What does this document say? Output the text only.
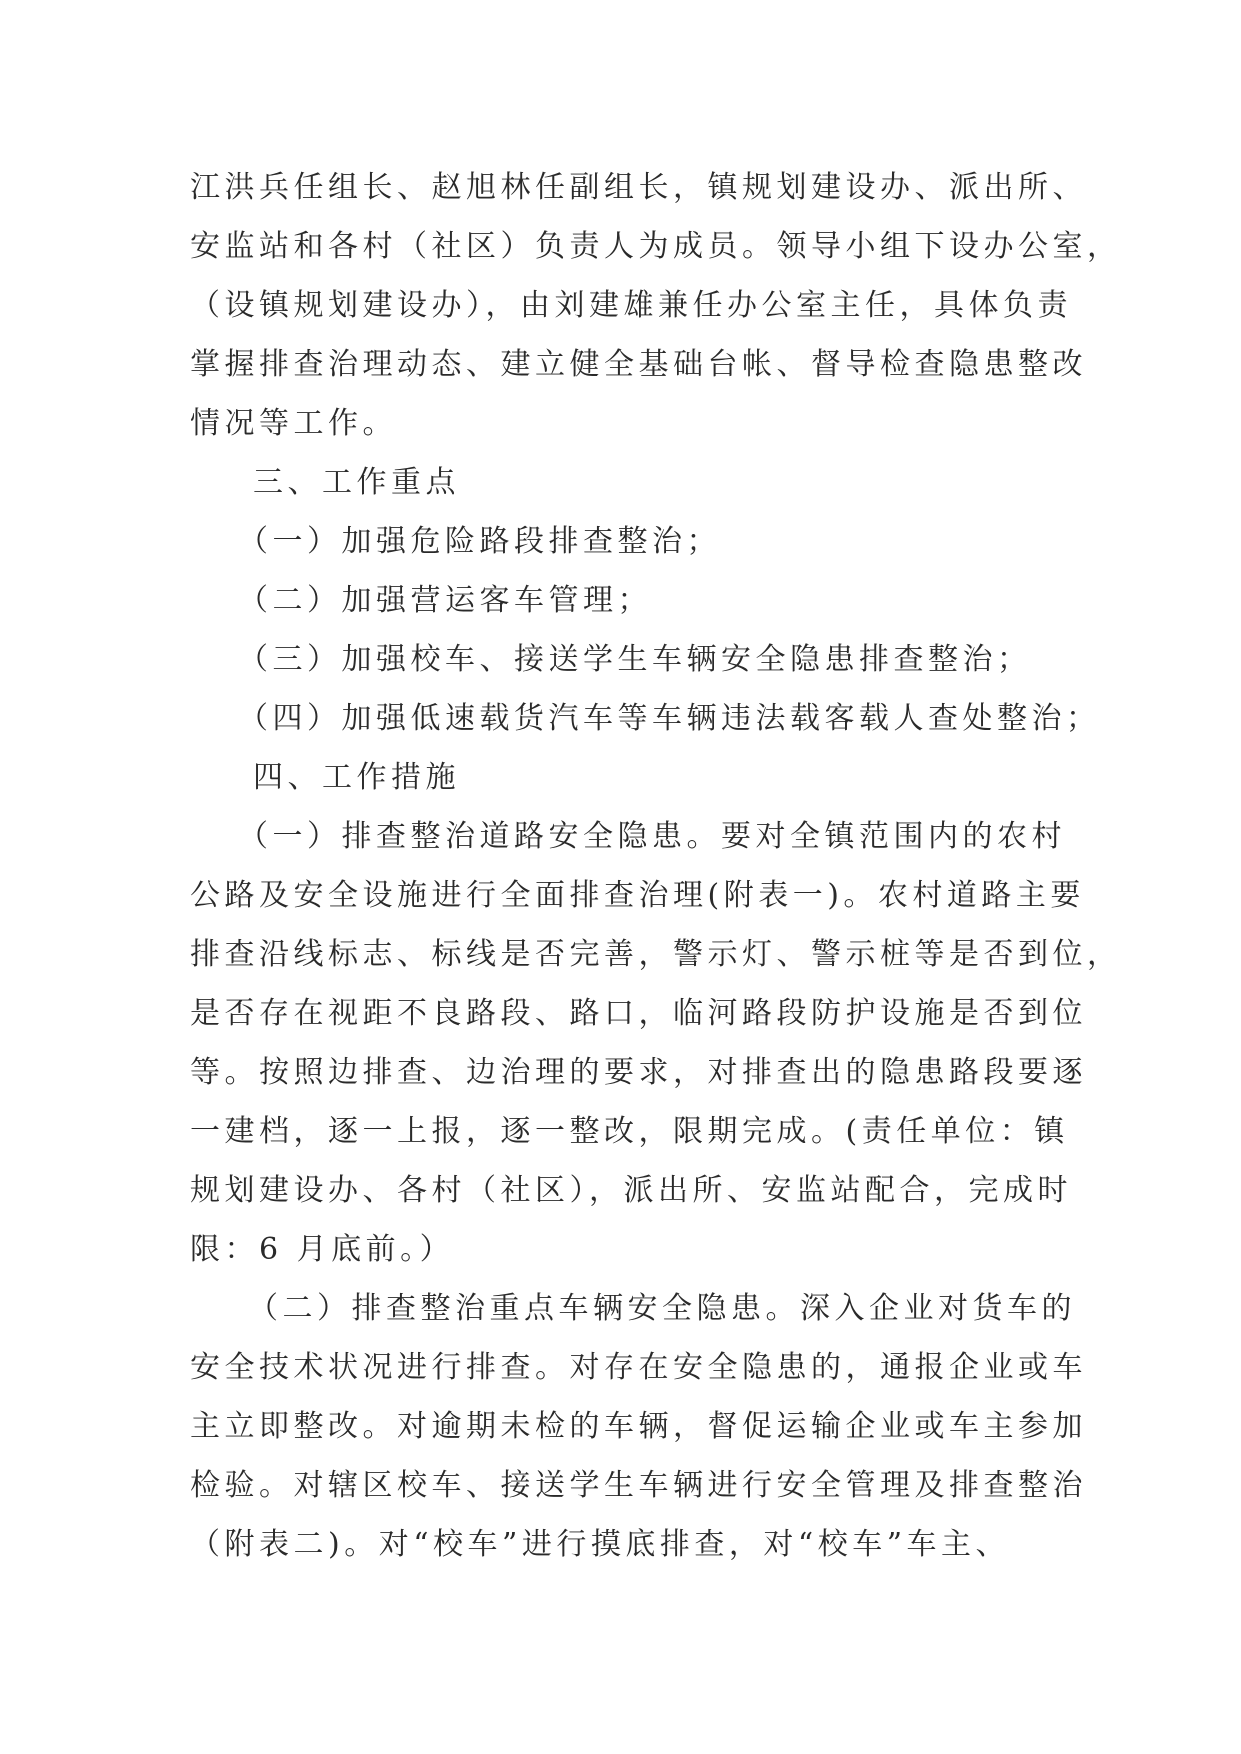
江洪兵任组长、赵旭林任副组长，镇规划建设办、派出所、
安监站和各村（社区）负责人为成员。领导小组下设办公室，
（设镇规划建设办），由刘建雄兼任办公室主任，具体负责
掌握排查治理动态、建立健全基础台帐、督导检查隐患整改
情况等工作。
三、工作重点
（一）加强危险路段排查整治；
（二）加强营运客车管理；
（三）加强校车、接送学生车辆安全隐患排查整治；
（四）加强低速载货汽车等车辆违法载客载人查处整治；
四、工作措施
（一）排查整治道路安全隐患。要对全镇范围内的农村
公路及安全设施进行全面排查治理(附表一)。农村道路主要
排查沿线标志、标线是否完善，警示灯、警示桩等是否到位，
是否存在视距不良路段、路口，临河路段防护设施是否到位
等。按照边排查、边治理的要求，对排查出的隐患路段要逐
一建档，逐一上报，逐一整改，限期完成。(责任单位：镇
规划建设办、各村（社区），派出所、安监站配合，完成时
限：6 月底前。）
（二）排查整治重点车辆安全隐患。深入企业对货车的
安全技术状况进行排查。对存在安全隐患的，通报企业或车
主立即整改。对逾期未检的车辆，督促运输企业或车主参加
检验。对辖区校车、接送学生车辆进行安全管理及排查整治
（附表二)。对“校车”进行摸底排查，对“校车”车主、
